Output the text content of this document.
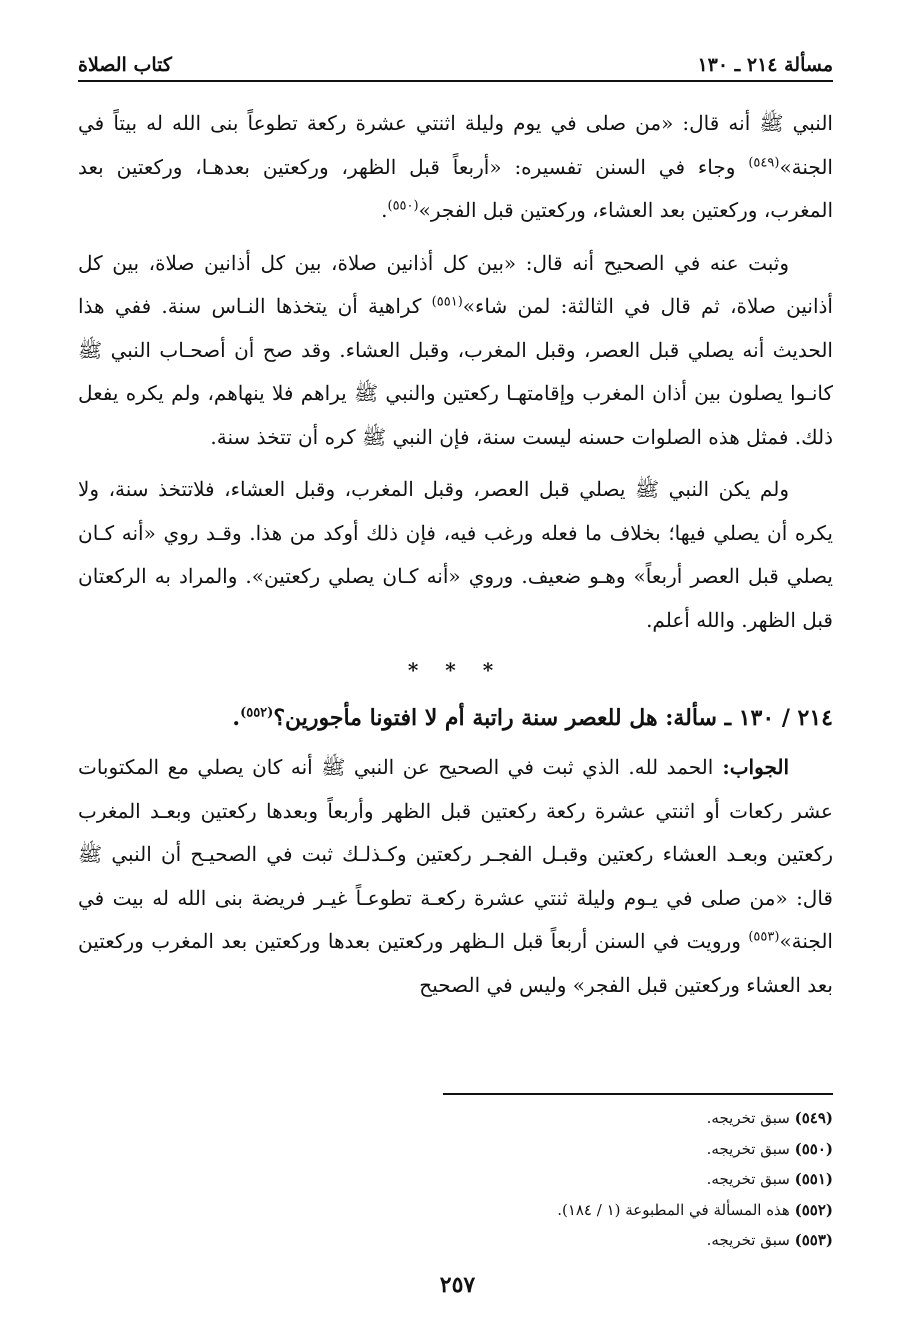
مسألة ٢١٤ ـ ١٣٠
كتاب الصلاة

النبي ﷺ أنه قال: «من صلى في يوم وليلة اثنتي عشرة ركعة تطوعاً بنى الله له بيتاً في الجنة»$^{(٥٤٩)}$ وجاء في السنن تفسيره: «أربعاً قبل الظهر، وركعتين بعدهـا، وركعتين بعد المغرب، وركعتين بعد العشاء، وركعتين قبل الفجر»$^{(٥٥٠)}$.

وثبت عنه في الصحيح أنه قال: «بين كل أذانين صلاة، بين كل أذانين صلاة، بين كل أذانين صلاة، ثم قال في الثالثة: لمن شاء»$^{(٥٥١)}$ كراهية أن يتخذها النـاس سنة. ففي هذا الحديث أنه يصلي قبل العصر، وقبل المغرب، وقبل العشاء. وقد صح أن أصحـاب النبي ﷺ كانـوا يصلون بين أذان المغرب وإقامتهـا ركعتين والنبي ﷺ يراهم فلا ينهاهم، ولم يكره يفعل ذلك. فمثل هذه الصلوات حسنه ليست سنة، فإن النبي ﷺ كره أن تتخذ سنة.

ولم يكن النبي ﷺ يصلي قبل العصر، وقبل المغرب، وقبل العشاء، فلاتتخذ سنة، ولا يكره أن يصلي فيها؛ بخلاف ما فعله ورغب فيه، فإن ذلك أوكد من هذا. وقـد روي «أنه كـان يصلي قبل العصر أربعاً» وهـو ضعيف. وروي «أنه كـان يصلي ركعتين». والمراد به الركعتان قبل الظهر. والله أعلم.

* * *

٢١٤ / ١٣٠ ـ سألة: هل للعصر سنة راتبة أم لا افتونا مأجورين؟$^{(٥٥٢)}$.

الجواب: الحمد لله. الذي ثبت في الصحيح عن النبي ﷺ أنه كان يصلي مع المكتوبات عشر ركعات أو اثنتي عشرة ركعة ركعتين قبل الظهر وأربعاً وبعدها ركعتين وبعـد المغرب ركعتين وبعـد العشاء ركعتين وقبـل الفجـر ركعتين وكـذلـك ثبت في الصحيـح أن النبي ﷺ قال: «من صلى في يـوم وليلة ثنتي عشرة ركعـة تطوعـاً غيـر فريضة بنى الله له بيت في الجنة»$^{(٥٥٣)}$ ورويت في السنن أربعاً قبل الـظهر وركعتين بعدها وركعتين بعد المغرب وركعتين بعد العشاء وركعتين قبل الفجر» وليس في الصحيح

(٥٤٩) سبق تخريجه.

(٥٥٠) سبق تخريجه.

(٥٥١) سبق تخريجه.

(٥٥٢) هذه المسألة في المطبوعة (١ / ١٨٤).

(٥٥٣) سبق تخريجه.

٢٥٧
